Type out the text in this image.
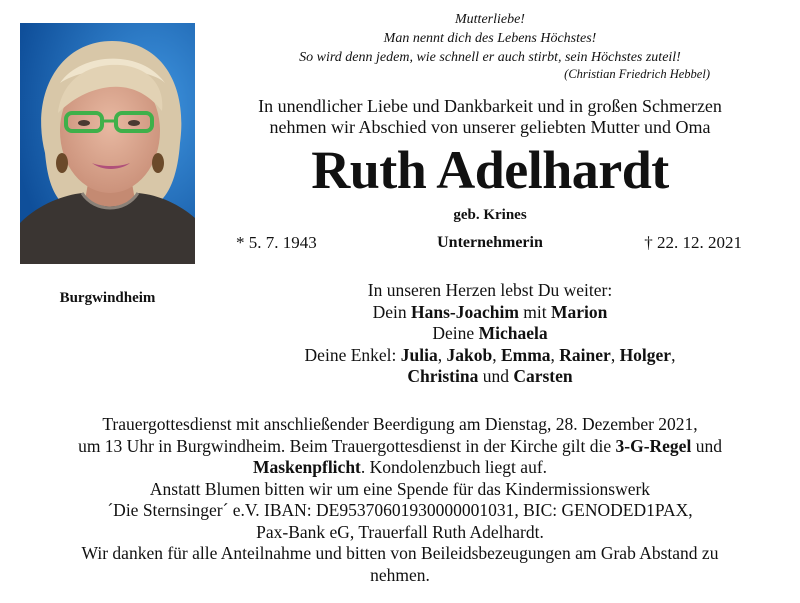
Burgwindheim
Mutterliebe!
Man nennt dich des Lebens Höchstes!
So wird denn jedem, wie schnell er auch stirbt, sein Höchstes zuteil!
(Christian Friedrich Hebbel)
In unendlicher Liebe und Dankbarkeit und in großen Schmerzen
nehmen wir Abschied von unserer geliebten Mutter und Oma
Ruth Adelhardt
geb. Krines
* 5. 7. 1943	Unternehmerin	† 22. 12. 2021
In unseren Herzen lebst Du weiter:
Dein Hans-Joachim mit Marion
Deine Michaela
Deine Enkel: Julia, Jakob, Emma, Rainer, Holger,
Christina und Carsten
Trauergottesdienst mit anschließender Beerdigung am Dienstag, 28. Dezember 2021,
um 13 Uhr in Burgwindheim. Beim Trauergottesdienst in der Kirche gilt die 3-G-Regel und
Maskenpflicht. Kondolenzbuch liegt auf.
Anstatt Blumen bitten wir um eine Spende für das Kindermissionswerk
´Die Sternsinger´ e.V. IBAN: DE95370601930000001031, BIC: GENODED1PAX,
Pax-Bank eG, Trauerfall Ruth Adelhardt.
Wir danken für alle Anteilnahme und bitten von Beileidsbezeugungen am Grab Abstand zu
nehmen.
